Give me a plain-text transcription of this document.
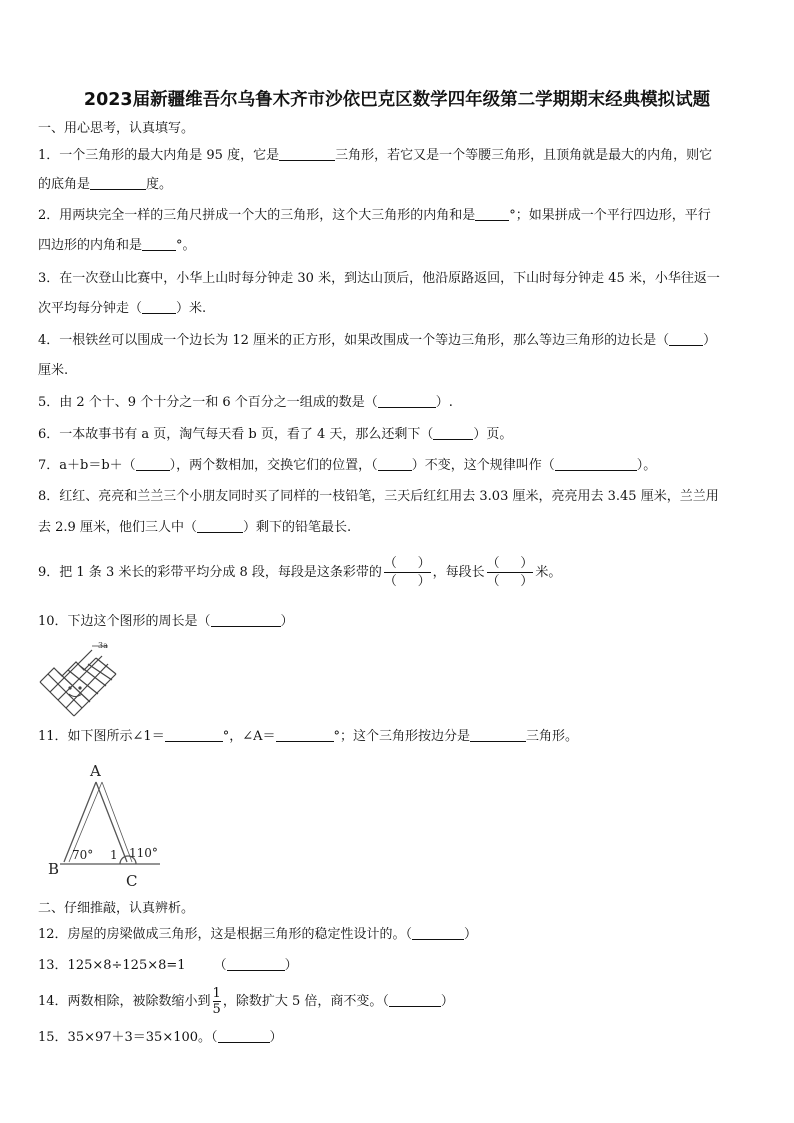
2023届新疆维吾尔乌鲁木齐市沙依巴克区数学四年级第二学期期末经典模拟试题
一、用心思考，认真填写。
1．一个三角形的最大内角是 95 度，它是	三角形，若它又是一个等腰三角形，且顶角就是最大的内角，则它
的底角是	度。
2．用两块完全一样的三角尺拼成一个大的三角形，这个大三角形的内角和是	°；如果拼成一个平行四边形，平行
四边形的内角和是	°。
3．在一次登山比赛中，小华上山时每分钟走 30 米，到达山顶后，他沿原路返回，下山时每分钟走 45 米，小华往返一
次平均每分钟走（	）米.
4．一根铁丝可以围成一个边长为 12 厘米的正方形，如果改围成一个等边三角形，那么等边三角形的边长是（	）
厘米.
5．由 2 个十、9 个十分之一和 6 个百分之一组成的数是（	）.
6．一本故事书有 a 页，淘气每天看 b 页，看了 4 天，那么还剩下（	）页。
7．a＋b＝b＋（	），两个数相加，交换它们的位置，（	）不变，这个规律叫作（	）。
8．红红、亮亮和兰兰三个小朋友同时买了同样的一枝铅笔，三天后红红用去 3.03 厘米，亮亮用去 3.45 厘米，兰兰用
去 2.9 厘米，他们三人中（	）剩下的铅笔最长.
9．把 1 条 3 米长的彩带平均分成 8 段，每段是这条彩带的 $\frac{( )}{( )}$ ，每段长 $\frac{( )}{( )}$ 米。
10．下边这个图形的周长是（	）
3a
11．如下图所示∠1＝	°，∠A＝	°；这个三角形按边分是	三角形。
A
B
C
70° 1 110°
二、仔细推敲，认真辨析。
12．房屋的房梁做成三角形，这是根据三角形的稳定性设计的。（	）
13．125×8÷125×8=1 （	）
14．两数相除，被除数缩小到 $\frac{1}{5}$ ，除数扩大 5 倍，商不变。（	）
15．35×97＋3＝35×100。（	）
